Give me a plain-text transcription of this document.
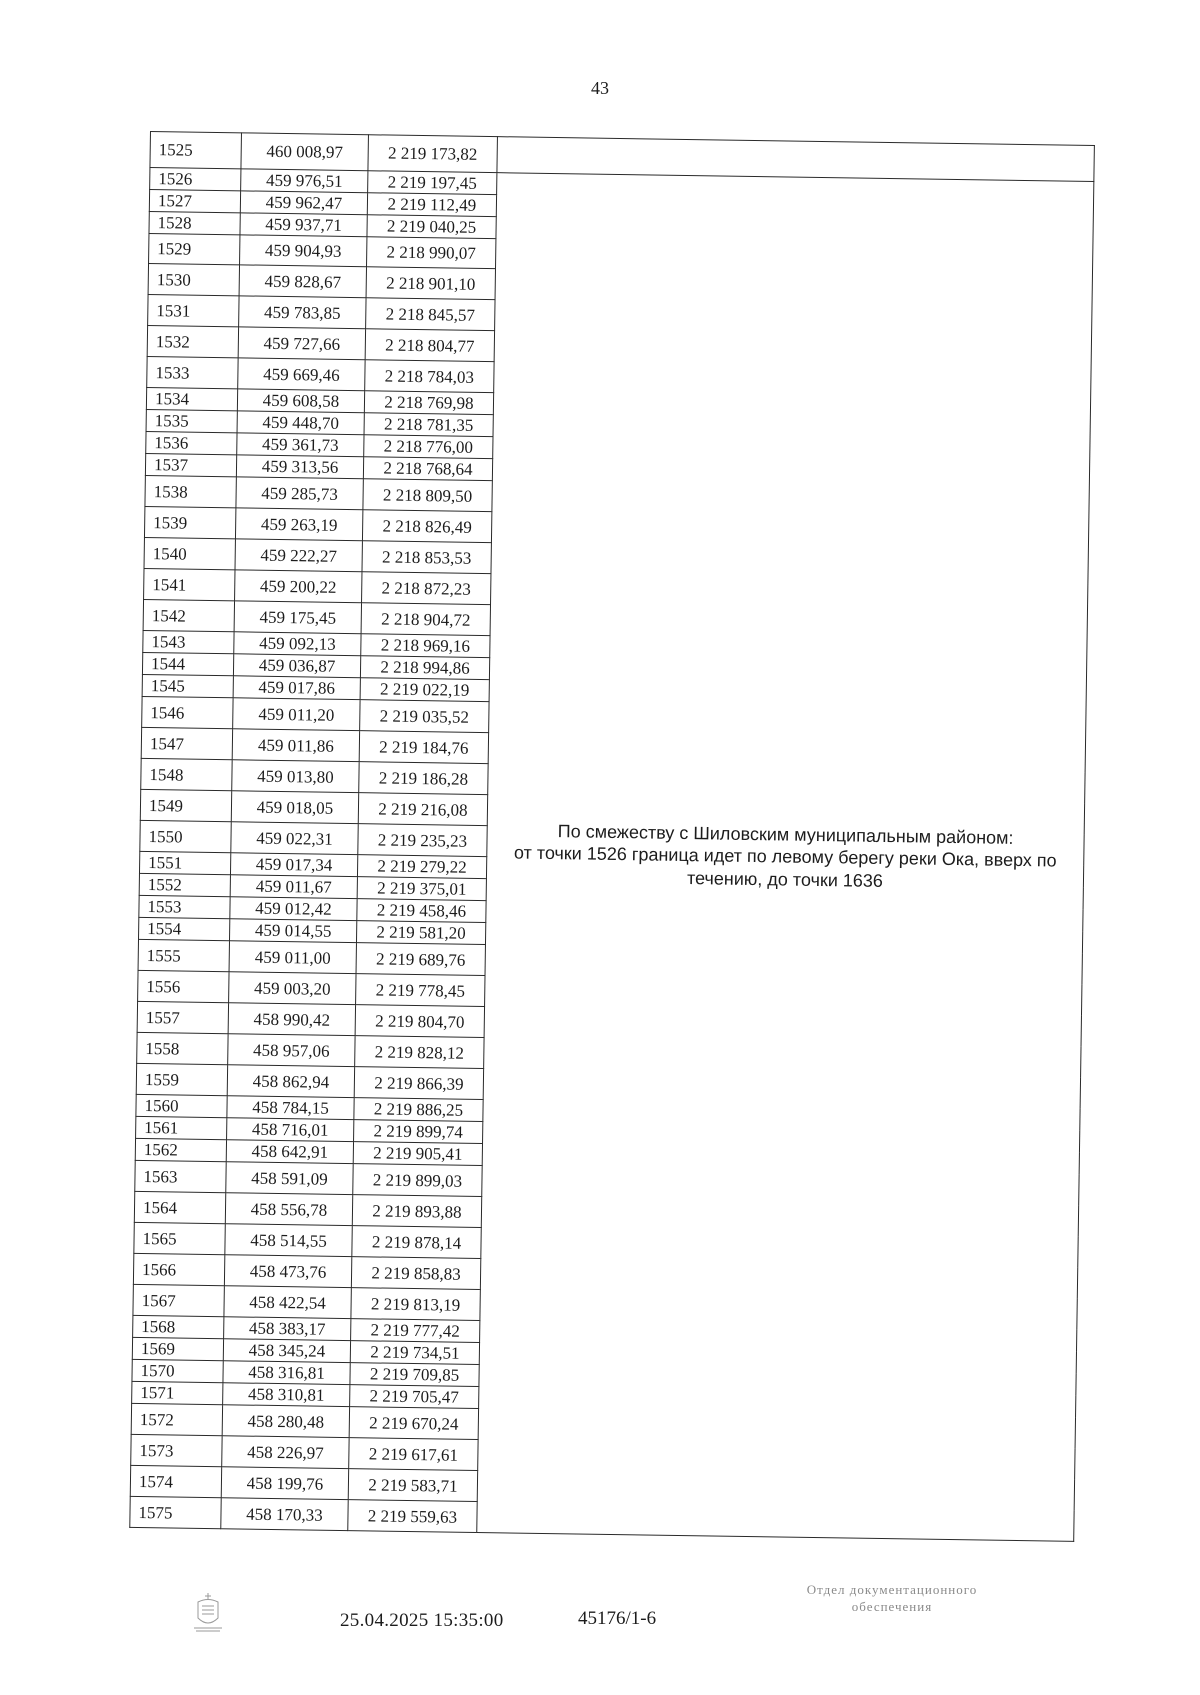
43
1525	460 008,97	2 219 173,82	
1526	459 976,51	2 219 197,45	По смежеству с Шиловским муниципальным районом:
от точки 1526 граница идет по левому берегу реки Ока, вверх по
течению, до точки 1636

1527	459 962,47	2 219 112,49	
1528	459 937,71	2 219 040,25	
1529	459 904,93	2 218 990,07	
1530	459 828,67	2 218 901,10	
1531	459 783,85	2 218 845,57	
1532	459 727,66	2 218 804,77	
1533	459 669,46	2 218 784,03	
1534	459 608,58	2 218 769,98	
1535	459 448,70	2 218 781,35	
1536	459 361,73	2 218 776,00	
1537	459 313,56	2 218 768,64	
1538	459 285,73	2 218 809,50	
1539	459 263,19	2 218 826,49	
1540	459 222,27	2 218 853,53	
1541	459 200,22	2 218 872,23	
1542	459 175,45	2 218 904,72	
1543	459 092,13	2 218 969,16	
1544	459 036,87	2 218 994,86	
1545	459 017,86	2 219 022,19	
1546	459 011,20	2 219 035,52	
1547	459 011,86	2 219 184,76	
1548	459 013,80	2 219 186,28	
1549	459 018,05	2 219 216,08	
1550	459 022,31	2 219 235,23	
1551	459 017,34	2 219 279,22	
1552	459 011,67	2 219 375,01	
1553	459 012,42	2 219 458,46	
1554	459 014,55	2 219 581,20	
1555	459 011,00	2 219 689,76	
1556	459 003,20	2 219 778,45	
1557	458 990,42	2 219 804,70	
1558	458 957,06	2 219 828,12	
1559	458 862,94	2 219 866,39	
1560	458 784,15	2 219 886,25	
1561	458 716,01	2 219 899,74	
1562	458 642,91	2 219 905,41	
1563	458 591,09	2 219 899,03	
1564	458 556,78	2 219 893,88	
1565	458 514,55	2 219 878,14	
1566	458 473,76	2 219 858,83	
1567	458 422,54	2 219 813,19	
1568	458 383,17	2 219 777,42	
1569	458 345,24	2 219 734,51	
1570	458 316,81	2 219 709,85	
1571	458 310,81	2 219 705,47	
1572	458 280,48	2 219 670,24	
1573	458 226,97	2 219 617,61	
1574	458 199,76	2 219 583,71	
1575	458 170,33	2 219 559,63	
25.04.2025 15:35:00	45176/1-6
Отдел документационного
обеспечения
